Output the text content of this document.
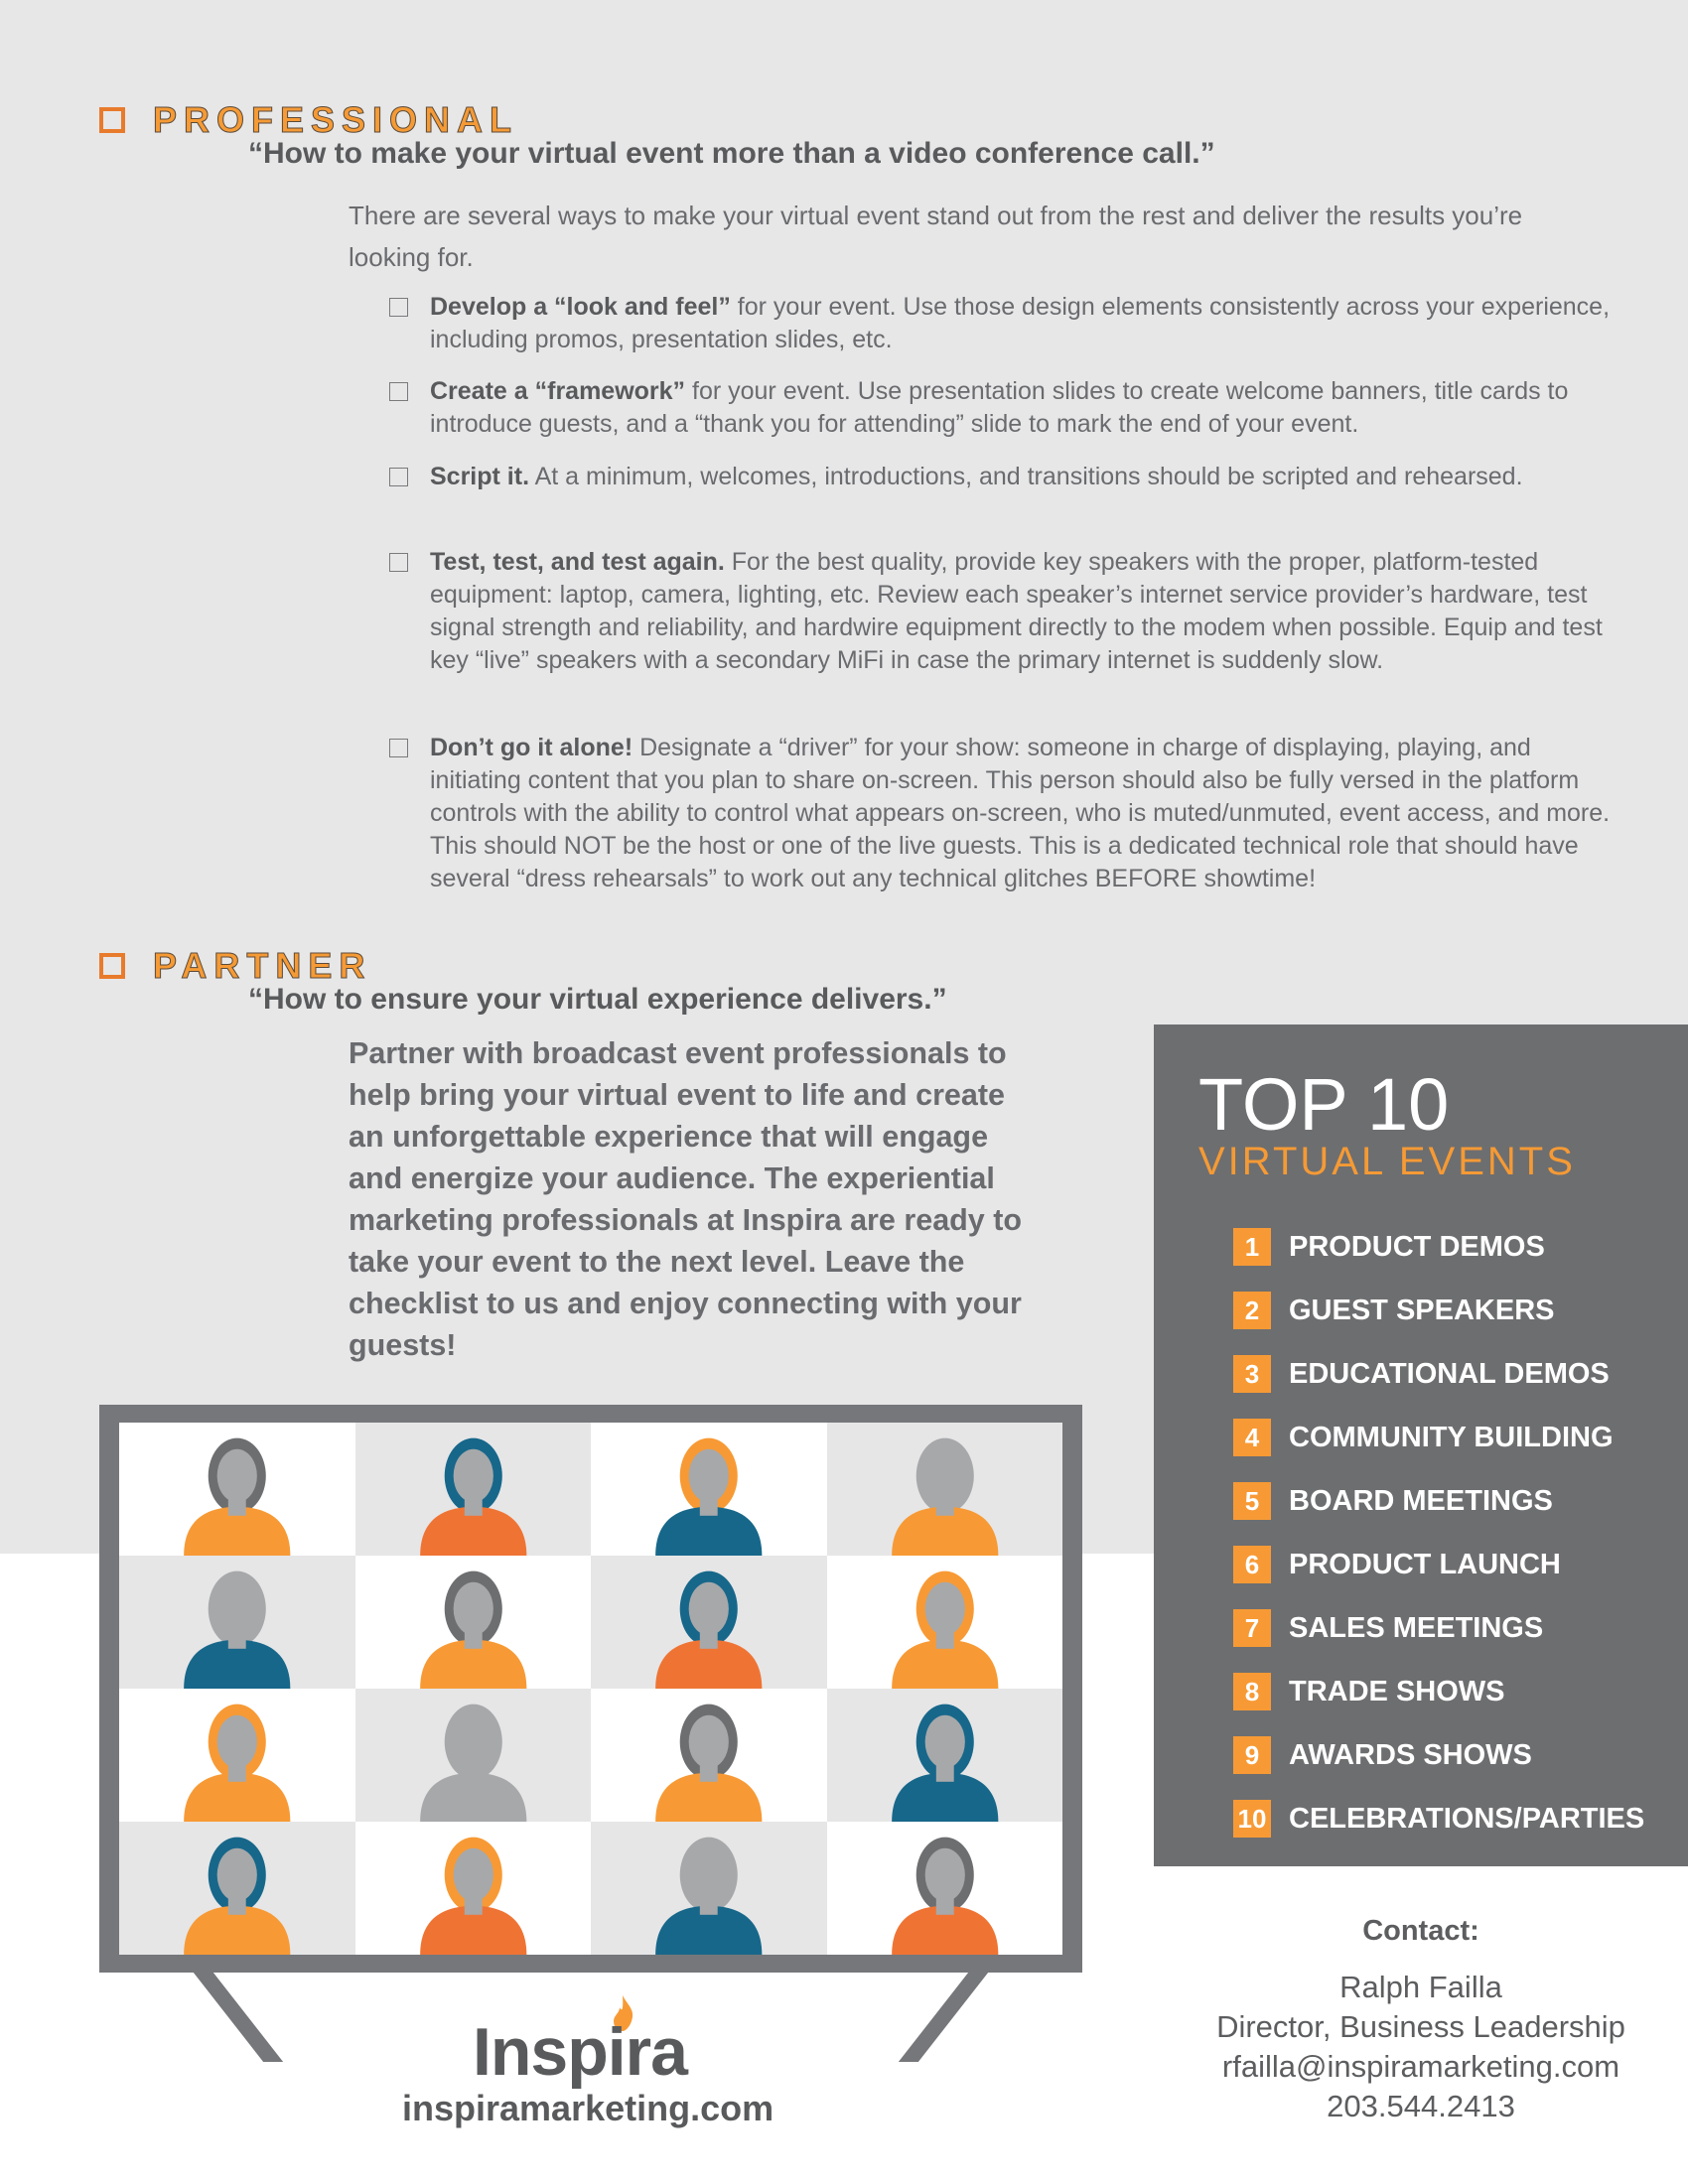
PROFESSIONAL
“How to make your virtual event more than a video conference call.”
There are several ways to make your virtual event stand out from the rest and deliver the results you’re looking for.
Develop a “look and feel” for your event. Use those design elements consistently across your experience, including promos, presentation slides, etc.
Create a “framework” for your event. Use presentation slides to create welcome banners, title cards to introduce guests, and a “thank you for attending” slide to mark the end of your event.
Script it. At a minimum, welcomes, introductions, and transitions should be scripted and rehearsed.
Test, test, and test again. For the best quality, provide key speakers with the proper, platform-tested equipment: laptop, camera, lighting, etc. Review each speaker’s internet service provider’s hardware, test signal strength and reliability, and hardwire equipment directly to the modem when possible. Equip and test key “live” speakers with a secondary MiFi in case the primary internet is suddenly slow.
Don’t go it alone! Designate a “driver” for your show: someone in charge of displaying, playing, and initiating content that you plan to share on-screen. This person should also be fully versed in the platform controls with the ability to control what appears on-screen, who is muted/unmuted, event access, and more. This should NOT be the host or one of the live guests. This is a dedicated technical role that should have several “dress rehearsals” to work out any technical glitches BEFORE showtime!
PARTNER
“How to ensure your virtual experience delivers.”
Partner with broadcast event professionals to help bring your virtual event to life and create an unforgettable experience that will engage and energize your audience. The experiential marketing professionals at Inspira are ready to take your event to the next level. Leave the checklist to us and enjoy connecting with your guests!
TOP 10
VIRTUAL EVENTS
1	PRODUCT DEMOS
2	GUEST SPEAKERS
3	EDUCATIONAL DEMOS
4	COMMUNITY BUILDING
5	BOARD MEETINGS
6	PRODUCT LAUNCH
7	SALES MEETINGS
8	TRADE SHOWS
9	AWARDS SHOWS
10 CELEBRATIONS/PARTIES
Contact:
Ralph Failla
Director, Business Leadership
rfailla@inspiramarketing.com
203.544.2413
Inspira
inspiramarketing.com
